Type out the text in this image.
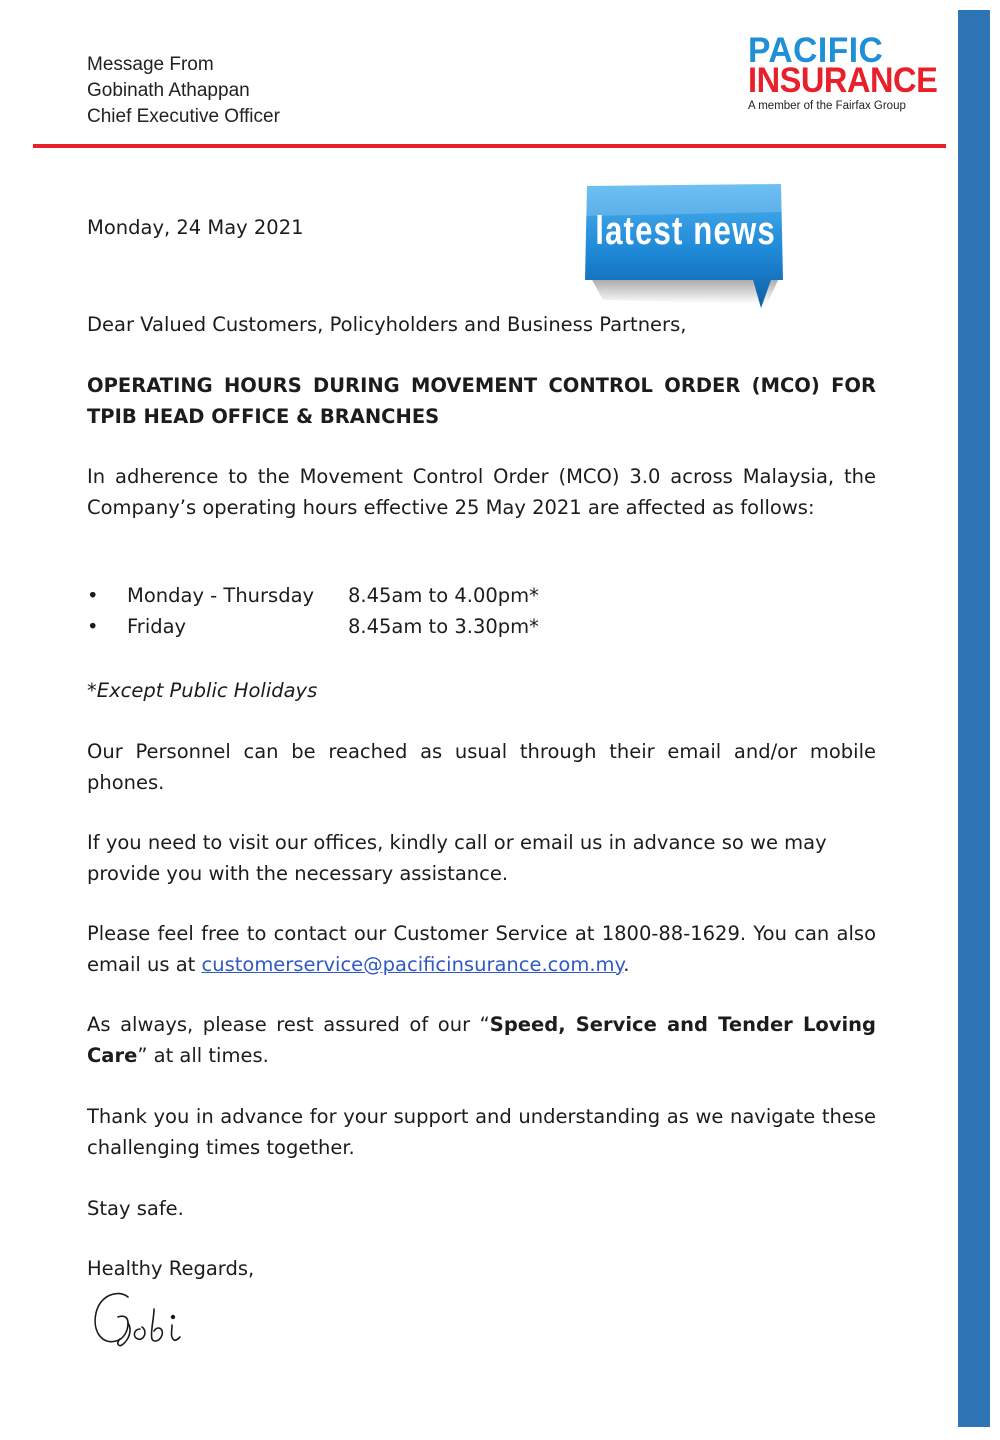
Message From
Gobinath Athappan
Chief Executive Officer
PACIFIC
INSURANCE
A member of the Fairfax Group
Monday, 24 May 2021	latest news
Dear Valued Customers, Policyholders and Business Partners,
OPERATING HOURS DURING MOVEMENT CONTROL ORDER (MCO) FOR TPIB HEAD OFFICE & BRANCHES
In adherence to the Movement Control Order (MCO) 3.0 across Malaysia, the Company’s operating hours effective 25 May 2021 are affected as follows:
• Monday - Thursday 8.45am to 4.00pm*
• Friday	8.45am to 3.30pm*
*Except Public Holidays
Our Personnel can be reached as usual through their email and/or mobile phones.
If you need to visit our offices, kindly call or email us in advance so we may provide you with the necessary assistance.
Please feel free to contact our Customer Service at 1800-88-1629. You can also email us at customerservice@pacificinsurance.com.my.
As always, please rest assured of our “Speed, Service and Tender Loving Care” at all times.
Thank you in advance for your support and understanding as we navigate these challenging times together.
Stay safe.
Healthy Regards,
